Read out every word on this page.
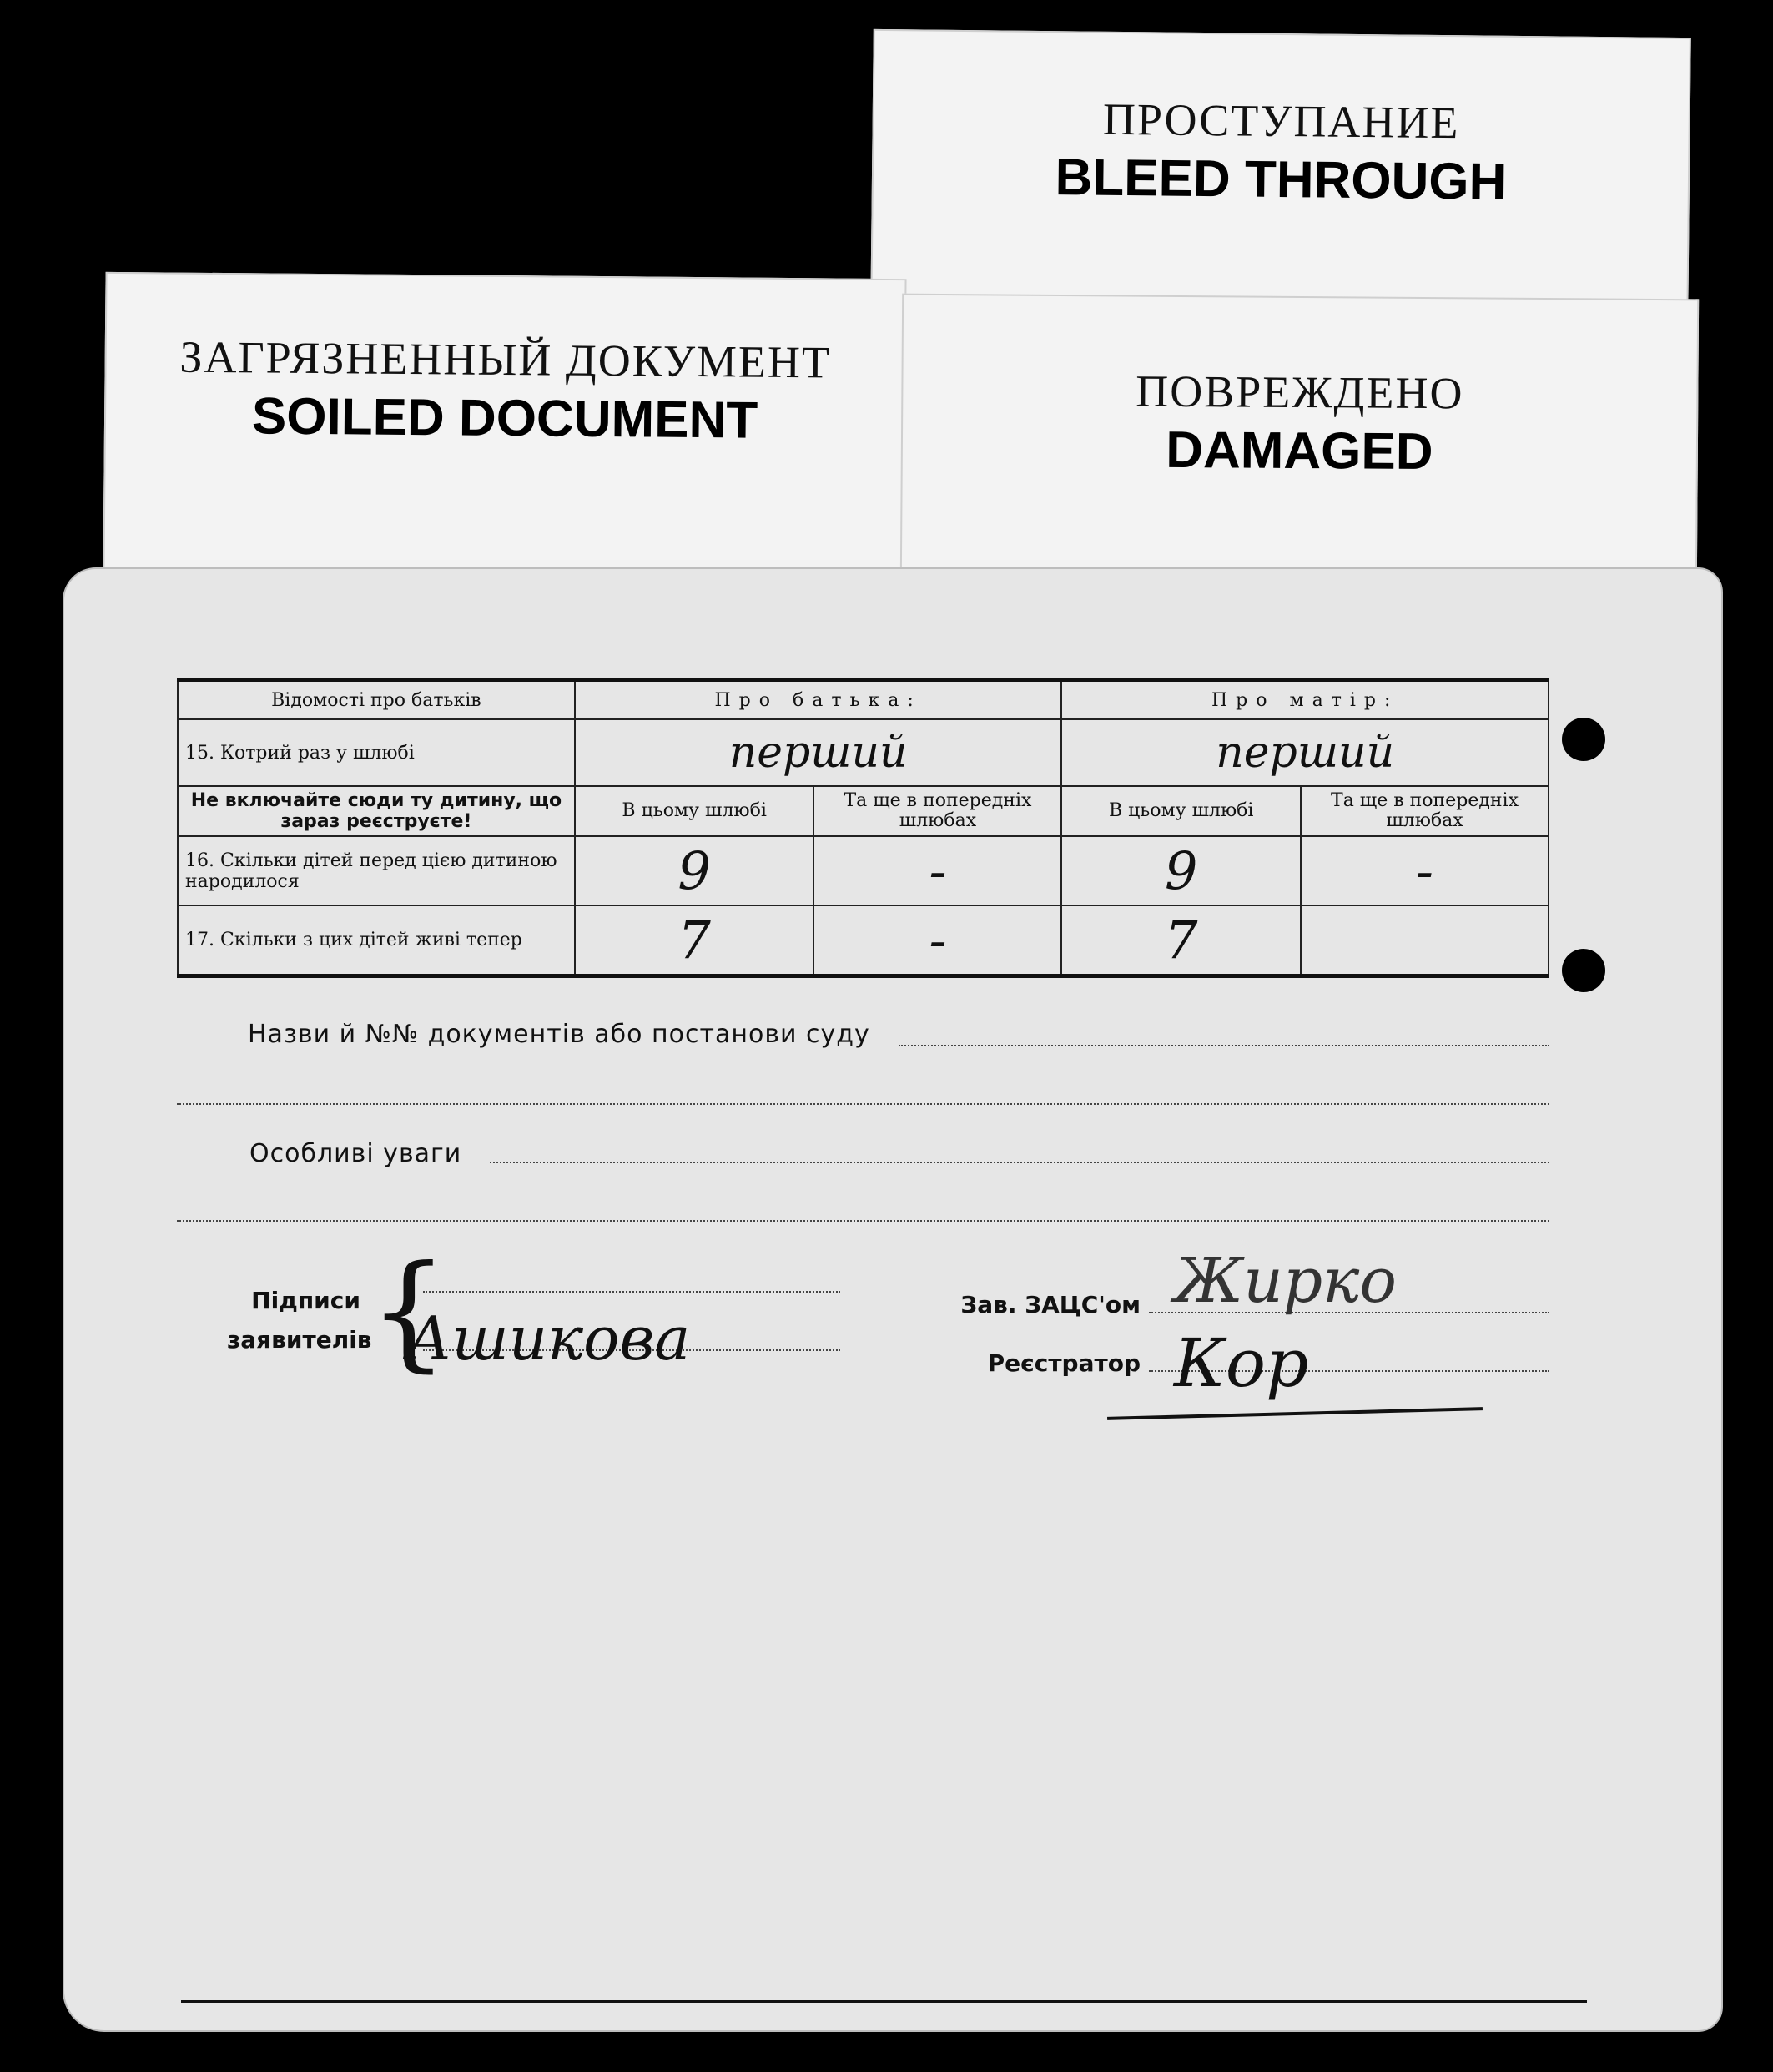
ПРОСТУПАНИЕ
BLEED THROUGH
ЗАГРЯЗНЕННЫЙ ДОКУМЕНТ
SOILED DOCUMENT	ПОВРЕЖДЕНО
DAMAGED
Відомості про батьків	Про батька:		Про матір:	
15. Котрий раз у шлюбі	перший		перший	
Не включайте сюди ту дитину, що зараз реєструєте!	В цьому шлюбі	Та ще в попередніх шлюбах	В цьому шлюбі	Та ще в попередніх шлюбах
16. Скільки дітей перед цією дитиною народилося	9	-	9	-
17. Скільки з цих дітей живі тепер	7	-	7	
Назви й №№ документів або постанови суду
Особливі уваги
Підписи
заявителів
{
Ашикова	Зав. ЗАЦС'ом Жирко
Реєстратор Кор
